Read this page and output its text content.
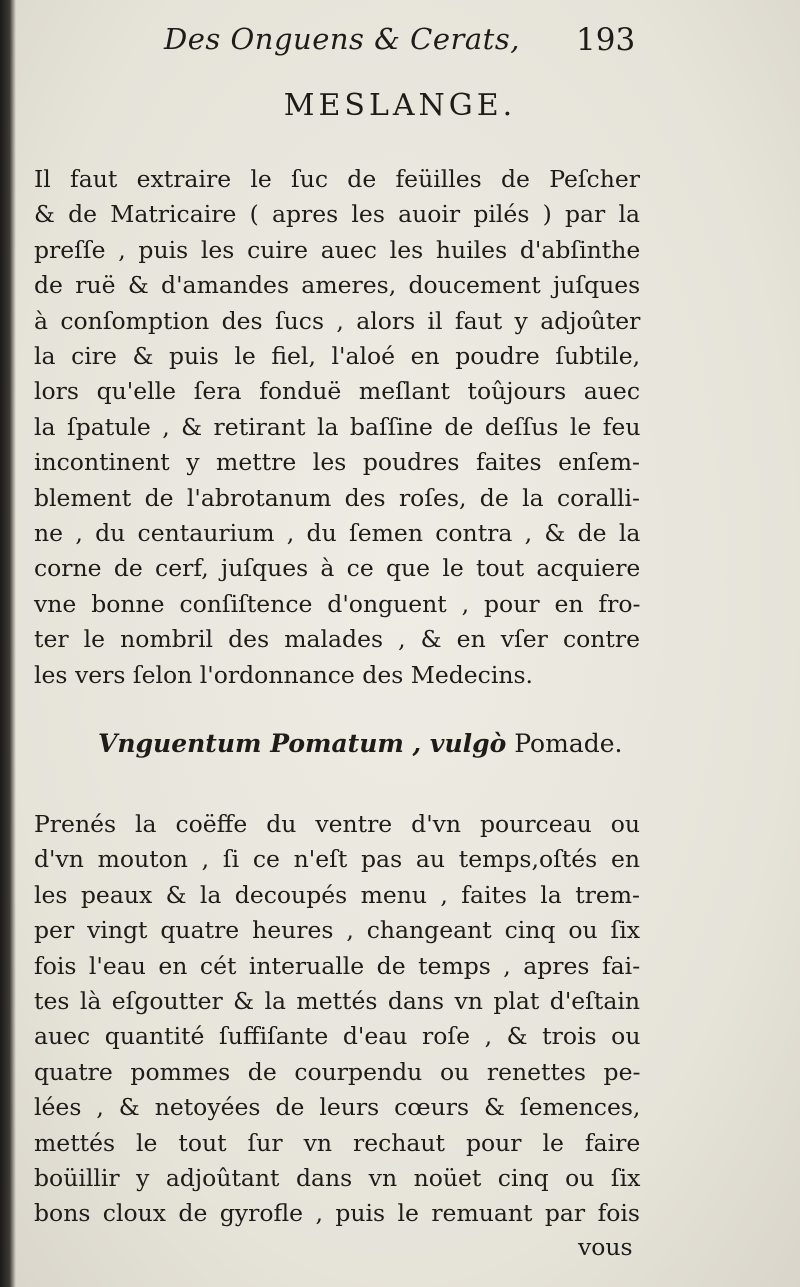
Des Onguens & Cerats, 193
MESLANGE.
Il faut extraire le ſuc de feüilles de Peſcher
& de Matricaire ( apres les auoir pilés ) par la
preſſe , puis les cuire auec les huiles d'abſinthe
de ruë & d'amandes ameres, doucement juſques
à conſomption des ſucs , alors il faut y adjoûter
la cire & puis le fiel, l'aloé en poudre ſubtile,
lors qu'elle ſera fonduë meſlant toûjours auec
la ſpatule , & retirant la baſſine de deſſus le feu
incontinent y mettre les poudres faites enſem-
blement de l'abrotanum des roſes, de la coralli-
ne , du centaurium , du ſemen contra , & de la
corne de cerf, juſques à ce que le tout acquiere
vne bonne conſiſtence d'onguent , pour en fro-
ter le nombril des malades , & en vſer contre
les vers ſelon l'ordonnance des Medecins.
Vnguentum Pomatum , vulgò Pomade.
Prenés la coëffe du ventre d'vn pourceau ou
d'vn mouton , ſi ce n'eſt pas au temps,oſtés en
les peaux & la decoupés menu , faites la trem-
per vingt quatre heures , changeant cinq ou ſix
fois l'eau en cét interualle de temps , apres fai-
tes là eſgoutter & la mettés dans vn plat d'eſtain
auec quantité ſuffiſante d'eau roſe , & trois ou
quatre pommes de courpendu ou renettes pe-
lées , & netoyées de leurs cœurs & ſemences,
mettés le tout ſur vn rechaut pour le faire
boüillir y adjoûtant dans vn noüet cinq ou ſix
bons cloux de gyrofle , puis le remuant par fois
vous
